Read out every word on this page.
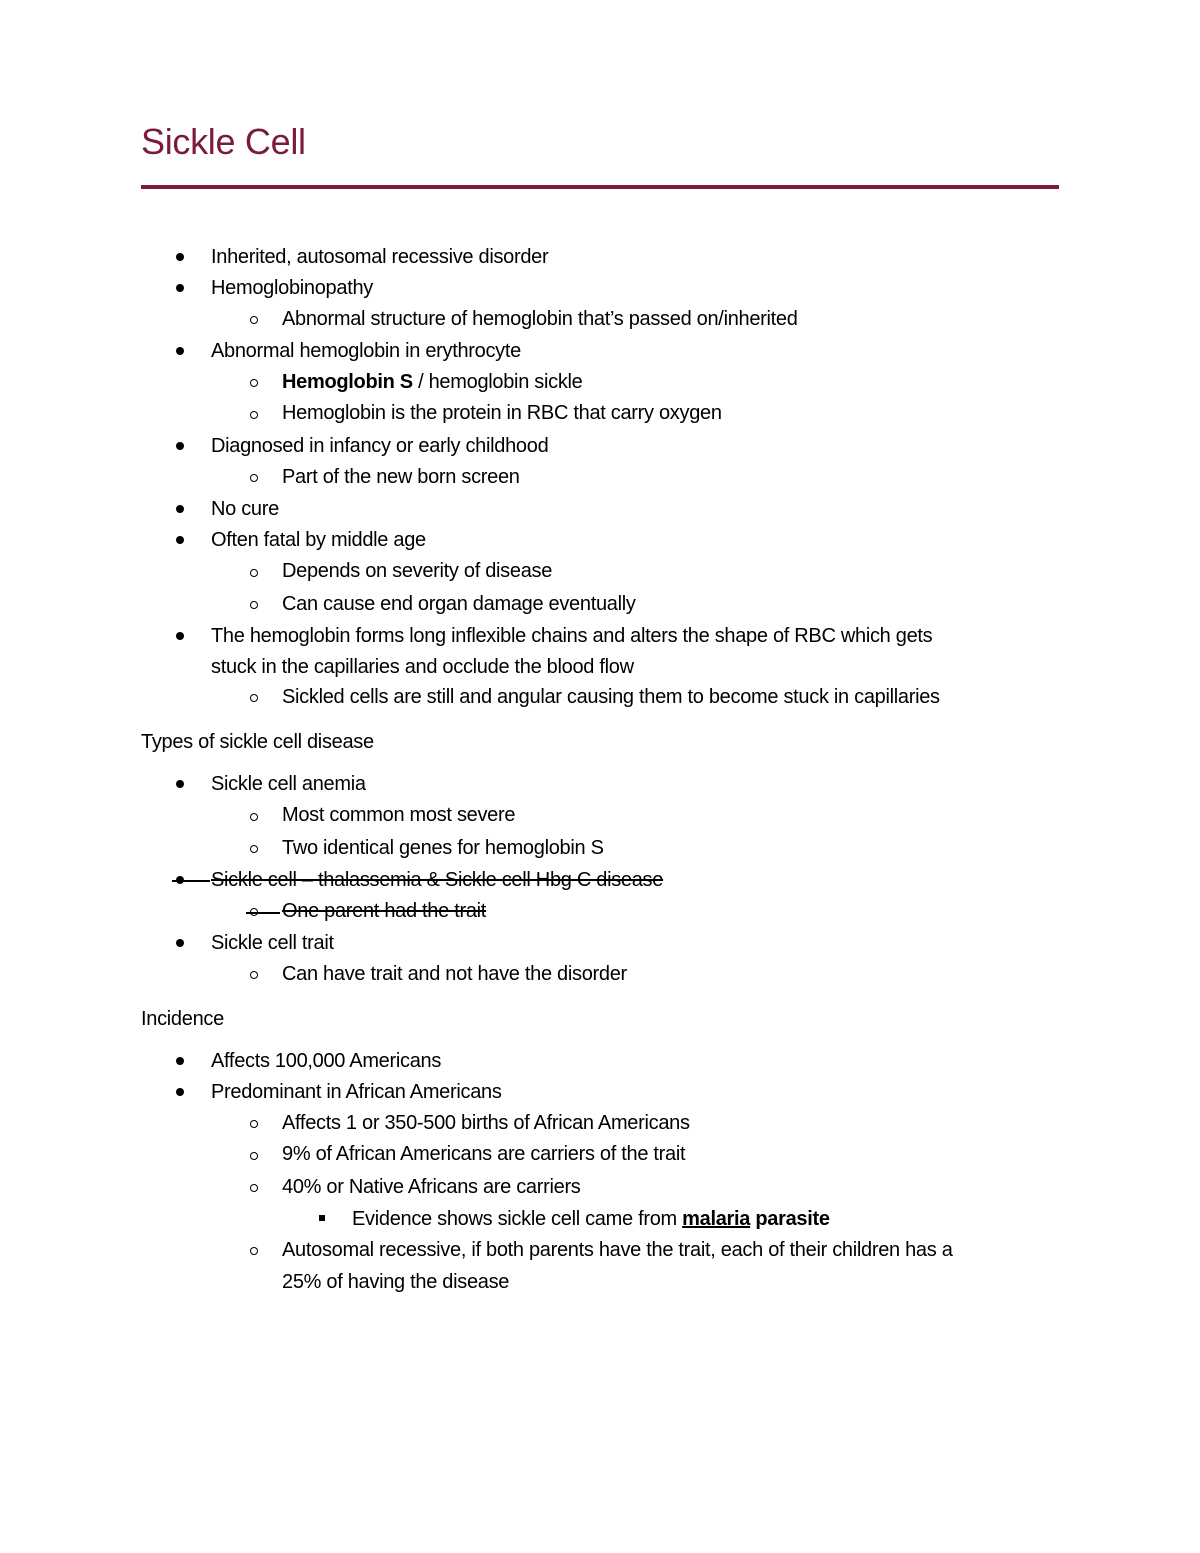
Sickle Cell
Inherited, autosomal recessive disorder
Hemoglobinopathy
Abnormal structure of hemoglobin that’s passed on/inherited
Abnormal hemoglobin in erythrocyte
Hemoglobin S / hemoglobin sickle
Hemoglobin is the protein in RBC that carry oxygen
Diagnosed in infancy or early childhood
Part of the new born screen
No cure
Often fatal by middle age
Depends on severity of disease
Can cause end organ damage eventually
The hemoglobin forms long inflexible chains and alters the shape of RBC which gets
stuck in the capillaries and occlude the blood flow
Sickled cells are still and angular causing them to become stuck in capillaries
Types of sickle cell disease
Sickle cell anemia
Most common most severe
Two identical genes for hemoglobin S
Sickle cell – thalassemia & Sickle cell Hbg C disease
One parent had the trait
Sickle cell trait
Can have trait and not have the disorder
Incidence
Affects 100,000 Americans
Predominant in African Americans
Affects 1 or 350-500 births of African Americans
9% of African Americans are carriers of the trait
40% or Native Africans are carriers
Evidence shows sickle cell came from malaria parasite
Autosomal recessive, if both parents have the trait, each of their children has a
25% of having the disease
